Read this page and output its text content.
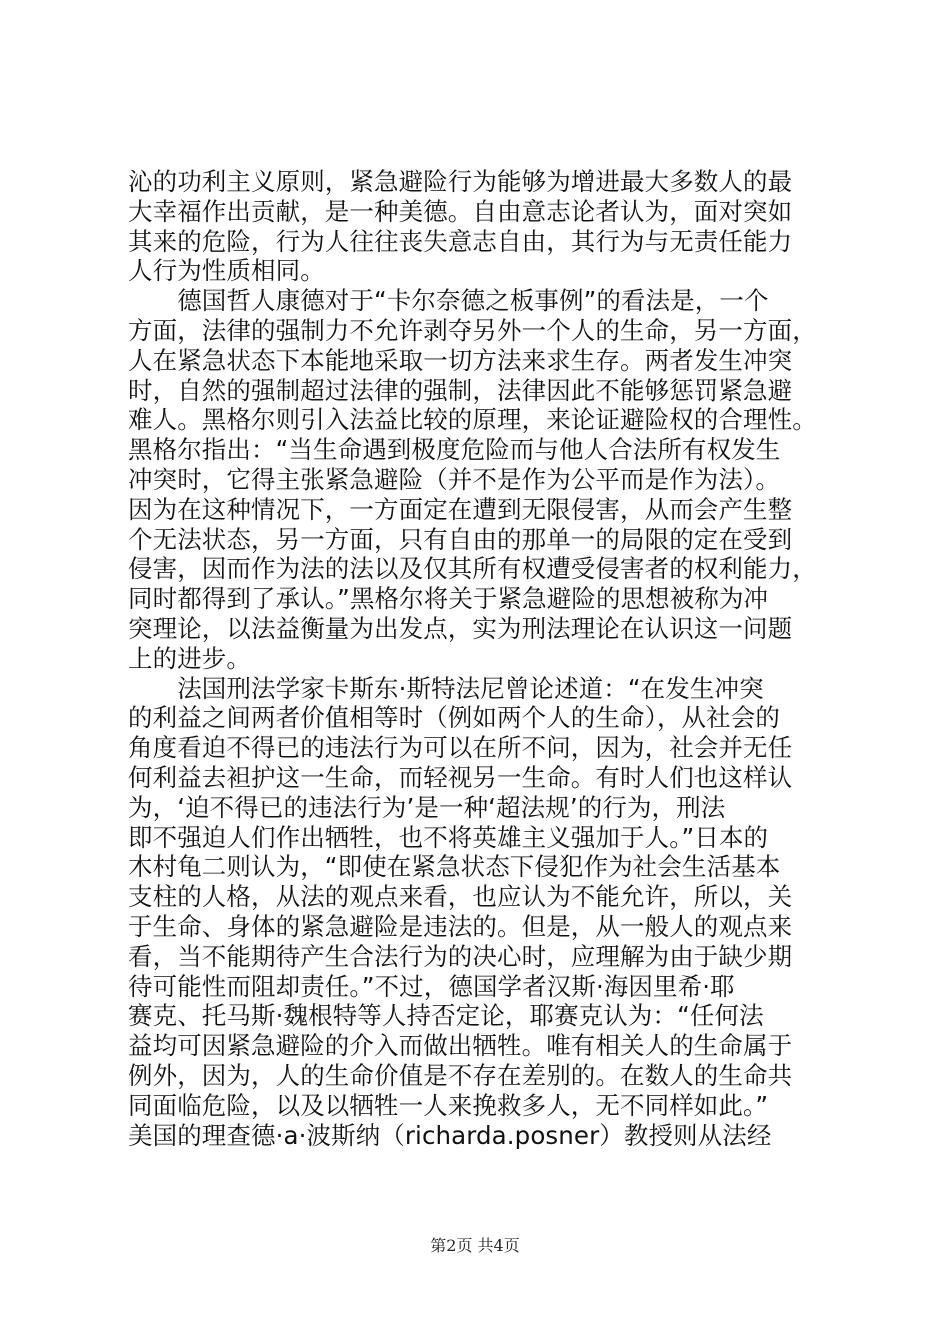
沁的功利主义原则，紧急避险行为能够为增进最大多数人的最
大幸福作出贡献，是一种美德。自由意志论者认为，面对突如
其来的危险，行为人往往丧失意志自由，其行为与无责任能力
人行为性质相同。
　　德国哲人康德对于“卡尔奈德之板事例”的看法是，一个
方面，法律的强制力不允许剥夺另外一个人的生命，另一方面，
人在紧急状态下本能地采取一切方法来求生存。两者发生冲突
时，自然的强制超过法律的强制，法律因此不能够惩罚紧急避
难人。黑格尔则引入法益比较的原理，来论证避险权的合理性。
黑格尔指出：“当生命遇到极度危险而与他人合法所有权发生
冲突时，它得主张紧急避险（并不是作为公平而是作为法）。
因为在这种情况下，一方面定在遭到无限侵害，从而会产生整
个无法状态，另一方面，只有自由的那单一的局限的定在受到
侵害，因而作为法的法以及仅其所有权遭受侵害者的权利能力，
同时都得到了承认。”黑格尔将关于紧急避险的思想被称为冲
突理论，以法益衡量为出发点，实为刑法理论在认识这一问题
上的进步。
　　法国刑法学家卡斯东·斯特法尼曾论述道：“在发生冲突
的利益之间两者价值相等时（例如两个人的生命），从社会的
角度看迫不得已的违法行为可以在所不问，因为，社会并无任
何利益去袒护这一生命，而轻视另一生命。有时人们也这样认
为，‘迫不得已的违法行为’是一种‘超法规’的行为，刑法
即不强迫人们作出牺牲，也不将英雄主义强加于人。”日本的
木村龟二则认为，“即使在紧急状态下侵犯作为社会生活基本
支柱的人格，从法的观点来看，也应认为不能允许，所以，关
于生命、身体的紧急避险是违法的。但是，从一般人的观点来
看，当不能期待产生合法行为的决心时，应理解为由于缺少期
待可能性而阻却责任。”不过，德国学者汉斯·海因里希·耶
赛克、托马斯·魏根特等人持否定论，耶赛克认为：“任何法
益均可因紧急避险的介入而做出牺牲。唯有相关人的生命属于
例外，因为，人的生命价值是不存在差别的。在数人的生命共
同面临危险，以及以牺牲一人来挽救多人，无不同样如此。”
美国的理查德·a·波斯纳（richarda.posner）教授则从法经
第2页 共4页
